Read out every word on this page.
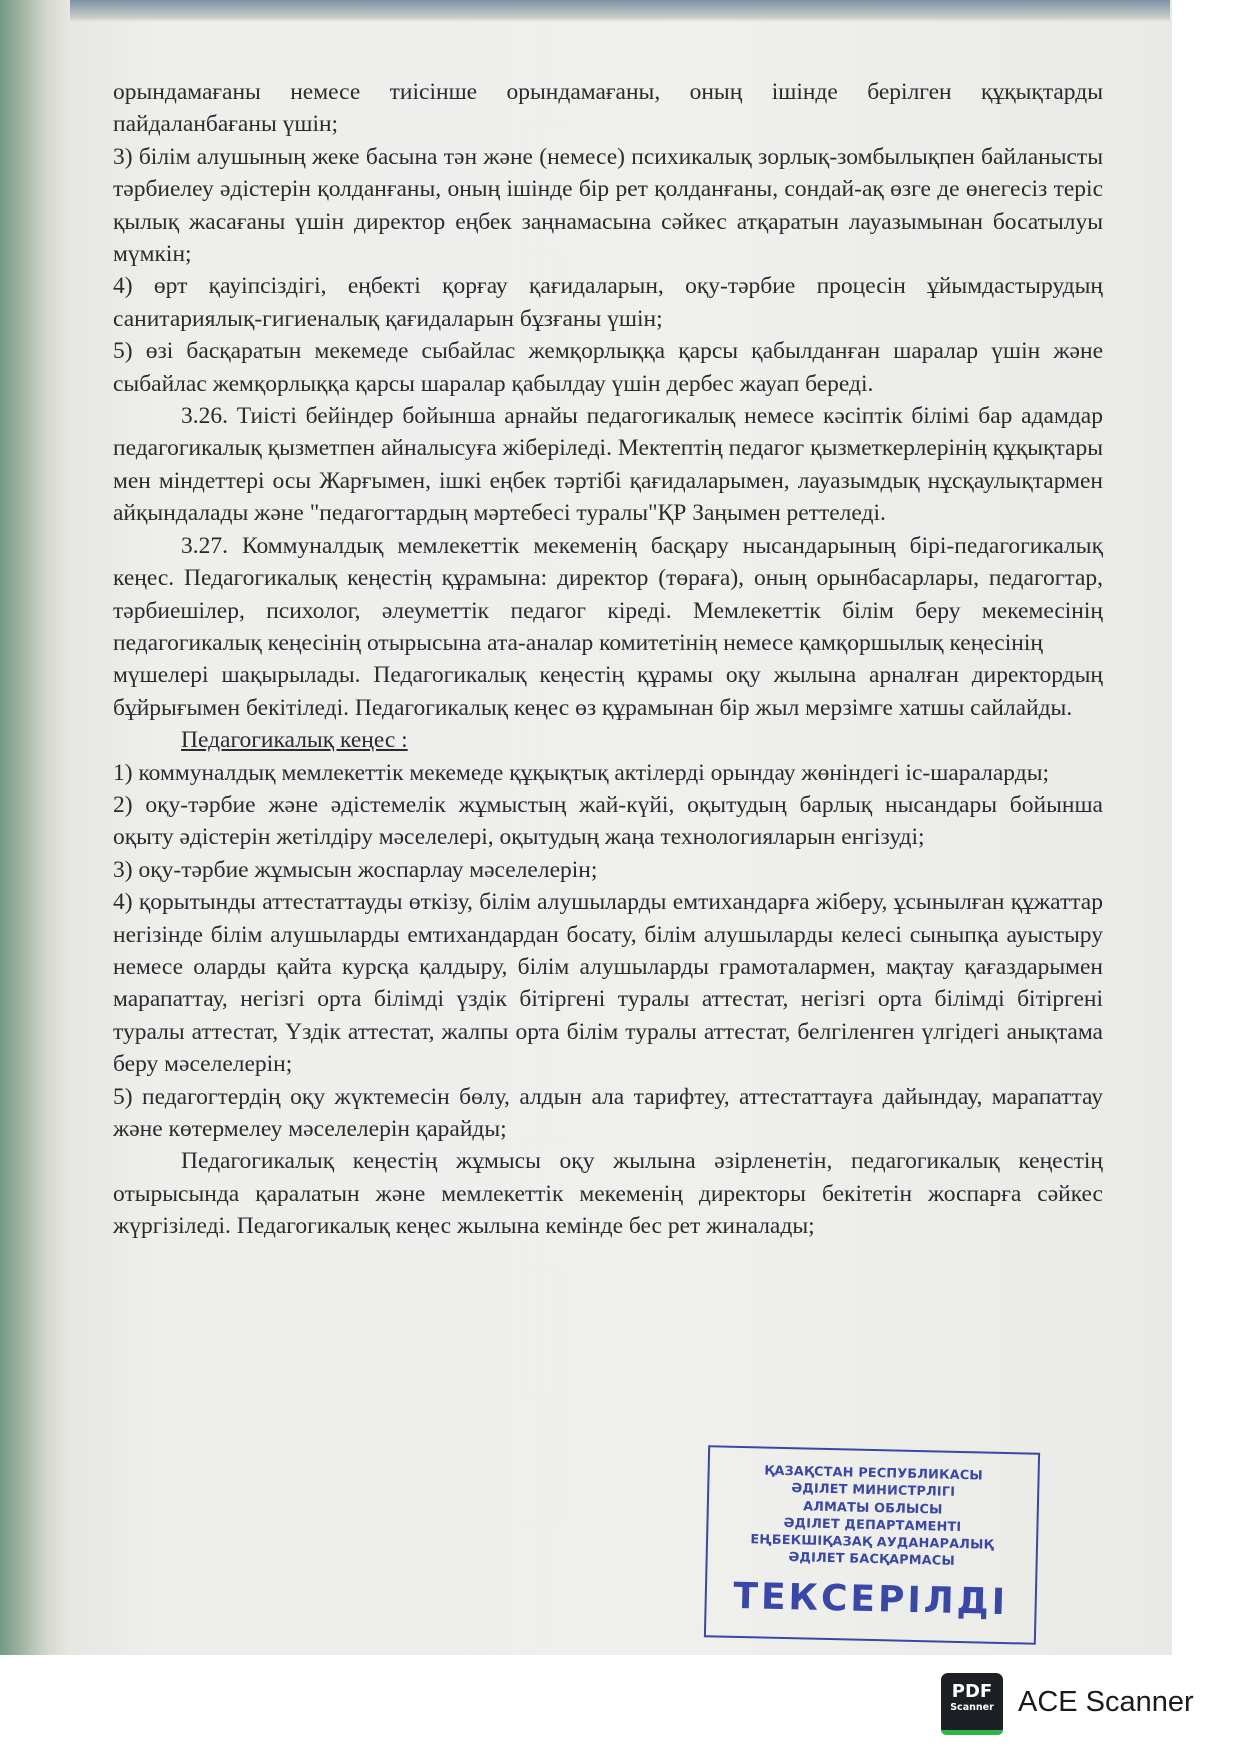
орындамағаны немесе тиісінше орындамағаны, оның ішінде берілген құқықтарды пайдаланбағаны үшін;

3) білім алушының жеке басына тән және (немесе) психикалық зорлық-зомбылықпен байланысты тәрбиелеу әдістерін қолданғаны, оның ішінде бір рет қолданғаны, сондай-ақ өзге де өнегесіз теріс қылық жасағаны үшін директор еңбек заңнамасына сәйкес атқаратын лауазымынан босатылуы мүмкін;

4) өрт қауіпсіздігі, еңбекті қорғау қағидаларын, оқу-тәрбие процесін ұйымдастырудың санитариялық-гигиеналық қағидаларын бұзғаны үшін;

5) өзі басқаратын мекемеде сыбайлас жемқорлыққа қарсы қабылданған шаралар үшін және сыбайлас жемқорлыққа қарсы шаралар қабылдау үшін дербес жауап береді.

3.26. Тиісті бейіндер бойынша арнайы педагогикалық немесе кәсіптік білімі бар адамдар педагогикалық қызметпен айналысуға жіберіледі. Мектептің педагог қызметкерлерінің құқықтары мен міндеттері осы Жарғымен, ішкі еңбек тәртібі қағидаларымен, лауазымдық нұсқаулықтармен айқындалады және "педагогтардың мәртебесі туралы"ҚР Заңымен реттеледі.

3.27. Коммуналдық мемлекеттік мекеменің басқару нысандарының бірі-педагогикалық кеңес. Педагогикалық кеңестің құрамына: директор (төраға), оның орынбасарлары, педагогтар, тәрбиешілер, психолог, әлеуметтік педагог кіреді. Мемлекеттік білім беру мекемесінің педагогикалық кеңесінің отырысына ата-аналар комитетінің немесе қамқоршылық кеңесінің

мүшелері шақырылады. Педагогикалық кеңестің құрамы оқу жылына арналған директордың бұйрығымен бекітіледі. Педагогикалық кеңес өз құрамынан бір жыл мерзімге хатшы сайлайды.

Педагогикалық кеңес :

1) коммуналдық мемлекеттік мекемеде құқықтық актілерді орындау жөніндегі іс-шараларды;

2) оқу-тәрбие және әдістемелік жұмыстың жай-күйі, оқытудың барлық нысандары бойынша оқыту әдістерін жетілдіру мәселелері, оқытудың жаңа технологияларын енгізуді;

3) оқу-тәрбие жұмысын жоспарлау мәселелерін;

4) қорытынды аттестаттауды өткізу, білім алушыларды емтихандарға жіберу, ұсынылған құжаттар негізінде білім алушыларды емтихандардан босату, білім алушыларды келесі сыныпқа ауыстыру немесе оларды қайта курсқа қалдыру, білім алушыларды грамоталармен, мақтау қағаздарымен марапаттау, негізгі орта білімді үздік бітіргені туралы аттестат, негізгі орта білімді бітіргені туралы аттестат, Үздік аттестат, жалпы орта білім туралы аттестат, белгіленген үлгідегі анықтама беру мәселелерін;

5) педагогтердің оқу жүктемесін бөлу, алдын ала тарифтеу, аттестаттауға дайындау, марапаттау және көтермелеу мәселелерін қарайды;

Педагогикалық кеңестің жұмысы оқу жылына әзірленетін, педагогикалық кеңестің отырысында қаралатын және мемлекеттік мекеменің директоры бекітетін жоспарға сәйкес жүргізіледі. Педагогикалық кеңес жылына кемінде бес рет жиналады;

ҚАЗАҚСТАН РЕСПУБЛИКАСЫ
ӘДІЛЕТ МИНИСТРЛІГІ
АЛМАТЫ ОБЛЫСЫ
ӘДІЛЕТ ДЕПАРТАМЕНТІ
ЕҢБЕКШІҚАЗАҚ АУДАНАРАЛЫҚ
ӘДІЛЕТ БАСҚАРМАСЫ
ТЕКСЕРІЛДІ
PDF
Scanner ACE Scanner
